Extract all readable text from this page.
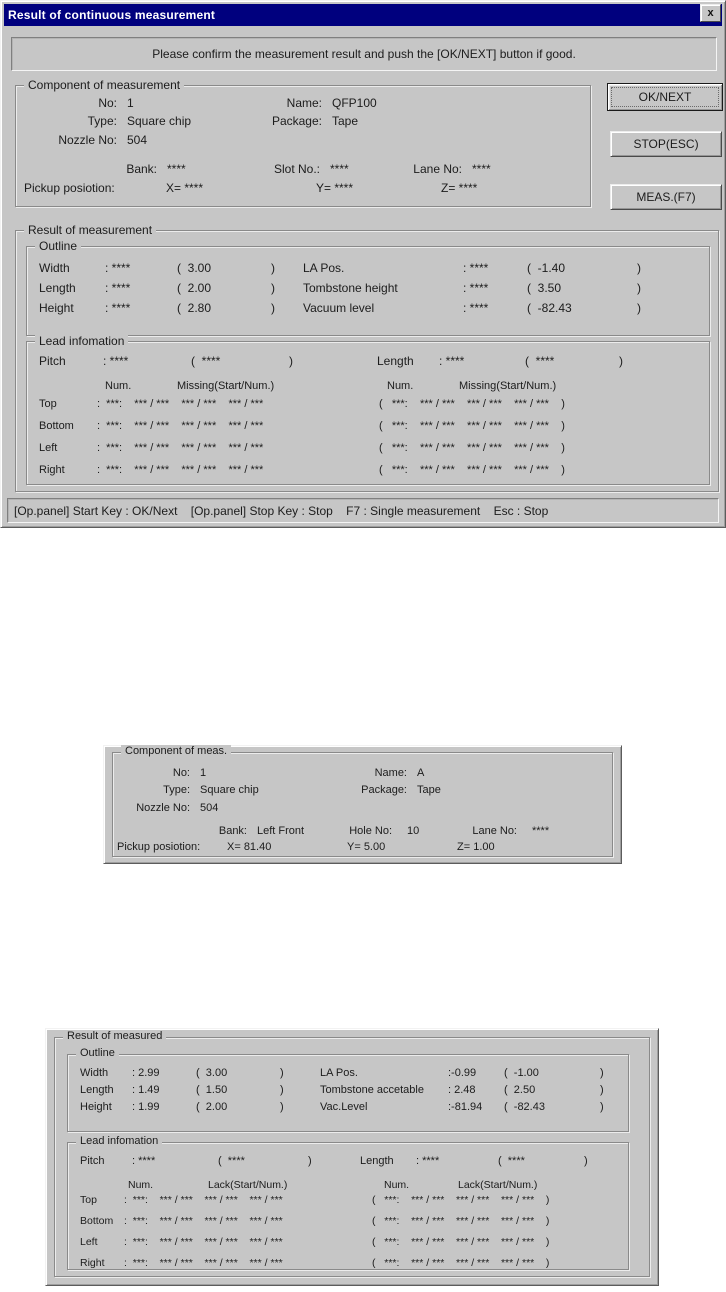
Result of continuous measurement	x
Please confirm the measurement result and push the [OK/NEXT] button if good.
Component of measurement
No: 1	Name: QFP100
Type: Square chip	Package: Tape
Nozzle No: 504
Bank: ****	Slot No.: ****	Lane No: ****
Pickup posiotion:	X= ****	Y= ****	Z= ****
OK/NEXT
STOP(ESC)
MEAS.(F7)
Result of measurement
Outline
Width	: ****	(  3.00	) LA Pos.	: ****	(  -1.40	)
Length : ****	(  2.00	) Tombstone height	: ****	(  3.50	)
Height	: ****	(  2.80	) Vacuum level	: ****	(  -82.43	)
Lead infomation
Pitch	: ****	(  ****	)	Length : ****	(  ****	)
Num.	Missing(Start/Num.)	Num.	Missing(Start/Num.)
Top	:  ***:    *** / ***    *** / ***    *** / ***	(   ***:    *** / ***    *** / ***    *** / ***    )
Bottom :  ***:    *** / ***    *** / ***    *** / ***	(   ***:    *** / ***    *** / ***    *** / ***    )
Left	:  ***:    *** / ***    *** / ***    *** / ***	(   ***:    *** / ***    *** / ***    *** / ***    )
Right	:  ***:    *** / ***    *** / ***    *** / ***	(   ***:    *** / ***    *** / ***    *** / ***    )
[Op.panel] Start Key : OK/Next    [Op.panel] Stop Key : Stop    F7 : Single measurement    Esc : Stop
Component of meas.
No: 1	Name: A
Type: Square chip	Package: Tape
Nozzle No: 504
Bank: Left Front	Hole No: 10	Lane No: ****
Pickup posiotion: X= 81.40	Y= 5.00	Z= 1.00
Result of measured
Outline
Width : 2.99	(  3.00	)	LA Pos.	:-0.99	(  -1.00	)
Length : 1.49	(  1.50	)	Tombstone accetable : 2.48	(  2.50	)
Height : 1.99	(  2.00	)	Vac.Level	:-81.94 (  -82.43	)
Lead infomation
Pitch	: ****	(  ****	)	Length : ****	(  ****	)
Num.	Lack(Start/Num.)	Num.	Lack(Start/Num.)
Top	:  ***:    *** / ***    *** / ***    *** / ***	(   ***:    *** / ***    *** / ***    *** / ***    )
Bottom :  ***:    *** / ***    *** / ***    *** / ***	(   ***:    *** / ***    *** / ***    *** / ***    )
Left	:  ***:    *** / ***    *** / ***    *** / ***	(   ***:    *** / ***    *** / ***    *** / ***    )
Right :  ***:    *** / ***    *** / ***    *** / ***	(   ***:    *** / ***    *** / ***    *** / ***    )
